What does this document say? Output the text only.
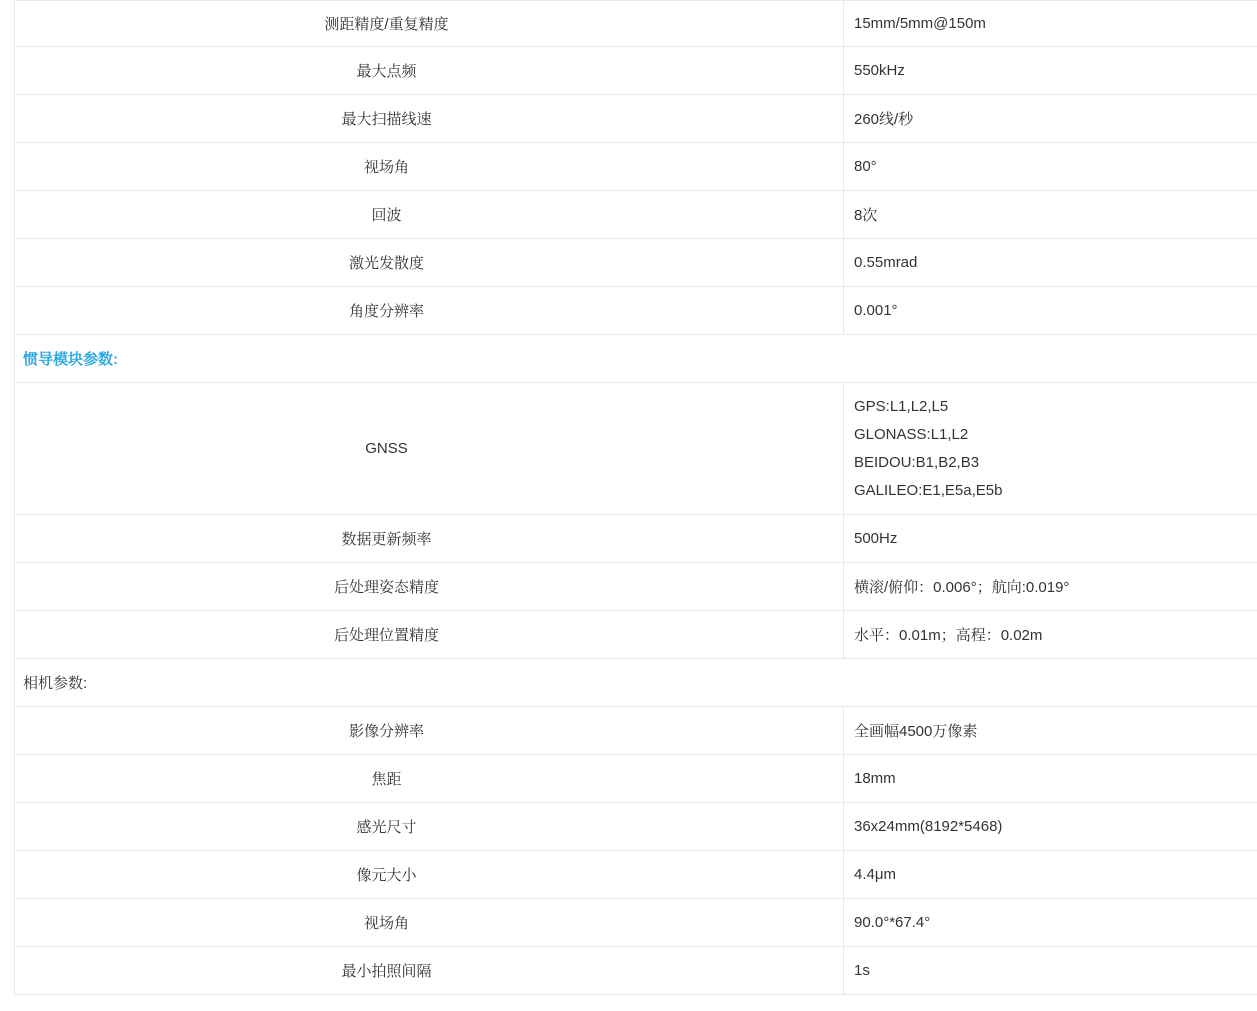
测距精度/重复精度	15mm/5mm@150m
最大点频	550kHz
最大扫描线速	260线/秒
视场角	80°
回波	8次
激光发散度	0.55mrad
角度分辨率	0.001°
惯导模块参数:	
GNSS	GPS:L1,L2,L5
GLONASS:L1,L2
BEIDOU:B1,B2,B3
GALILEO:E1,E5a,E5b

数据更新频率	500Hz
后处理姿态精度	横滚/俯仰：0.006°；航向:0.019°
后处理位置精度	水平：0.01m；高程：0.02m
相机参数:	
影像分辨率	全画幅4500万像素
焦距	18mm
感光尺寸	36x24mm(8192*5468)
像元大小	4.4μm
视场角	90.0°*67.4°
最小拍照间隔	1s
